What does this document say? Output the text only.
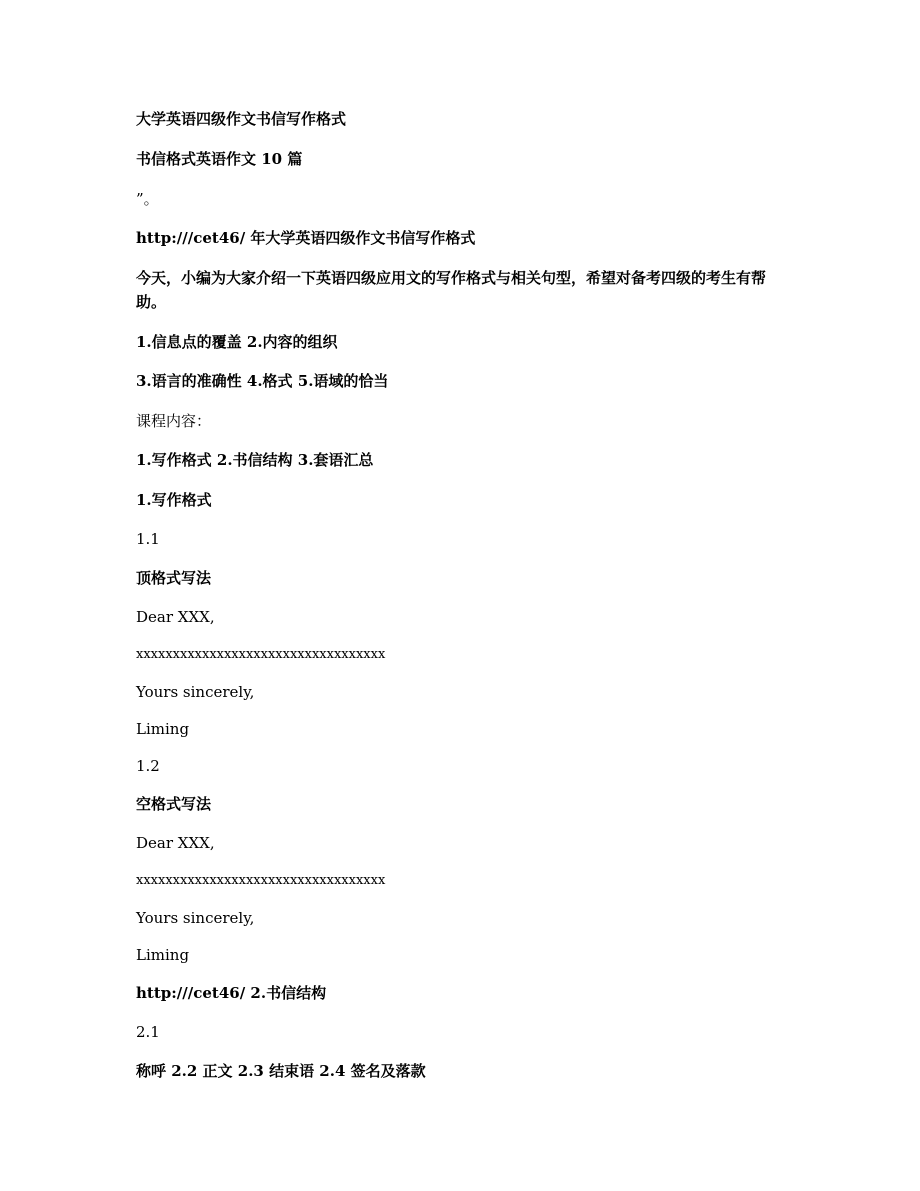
大学英语四级作文书信写作格式

书信格式英语作文 10 篇

”。

http:///cet46/ 年大学英语四级作文书信写作格式

今天，小编为大家介绍一下英语四级应用文的写作格式与相关句型，希望对备考四级的考生有帮助。

1.信息点的覆盖 2.内容的组织

3.语言的准确性 4.格式 5.语域的恰当

课程内容：

1.写作格式 2.书信结构 3.套语汇总

1.写作格式

1.1

顶格式写法

Dear XXX,

xxxxxxxxxxxxxxxxxxxxxxxxxxxxxxxxxx

Yours sincerely,

Liming

1.2

空格式写法

Dear XXX,

xxxxxxxxxxxxxxxxxxxxxxxxxxxxxxxxxx

Yours sincerely,

Liming

http:///cet46/ 2.书信结构

2.1

称呼 2.2 正文 2.3 结束语 2.4 签名及落款
